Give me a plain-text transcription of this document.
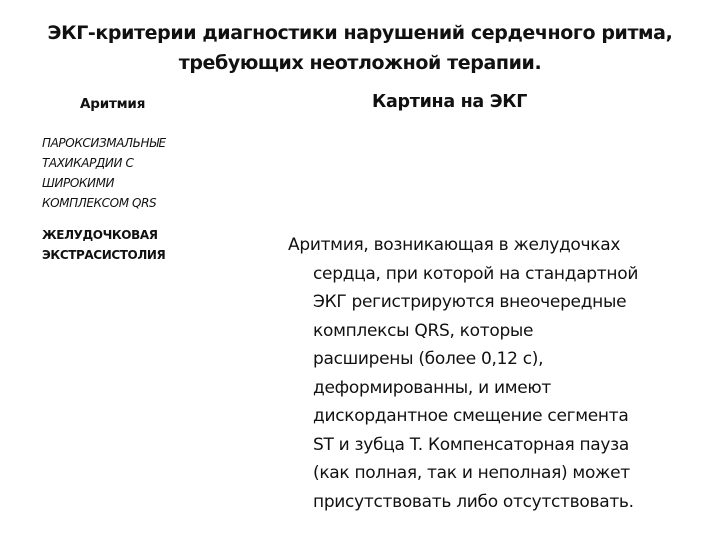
ЭКГ-критерии диагностики нарушений сердечного ритма,
требующих неотложной терапии.
Аритмия	Картина на ЭКГ
ПАРОКСИЗМАЛЬНЫЕ
ТАХИКАРДИИ С
ШИРОКИМИ
КОМПЛЕКСОМ QRS
ЖЕЛУДОЧКОВАЯ
ЭКСТРАСИСТОЛИЯ	Аритмия, возникающая в желудочках
сердца, при которой на стандартной
ЭКГ регистрируются внеочередные
комплексы QRS, которые
расширены (более 0,12 с),
деформированны, и имеют
дискордантное смещение сегмента
ST и зубца T. Компенсаторная пауза
(как полная, так и неполная) может
присутствовать либо отсутствовать.
